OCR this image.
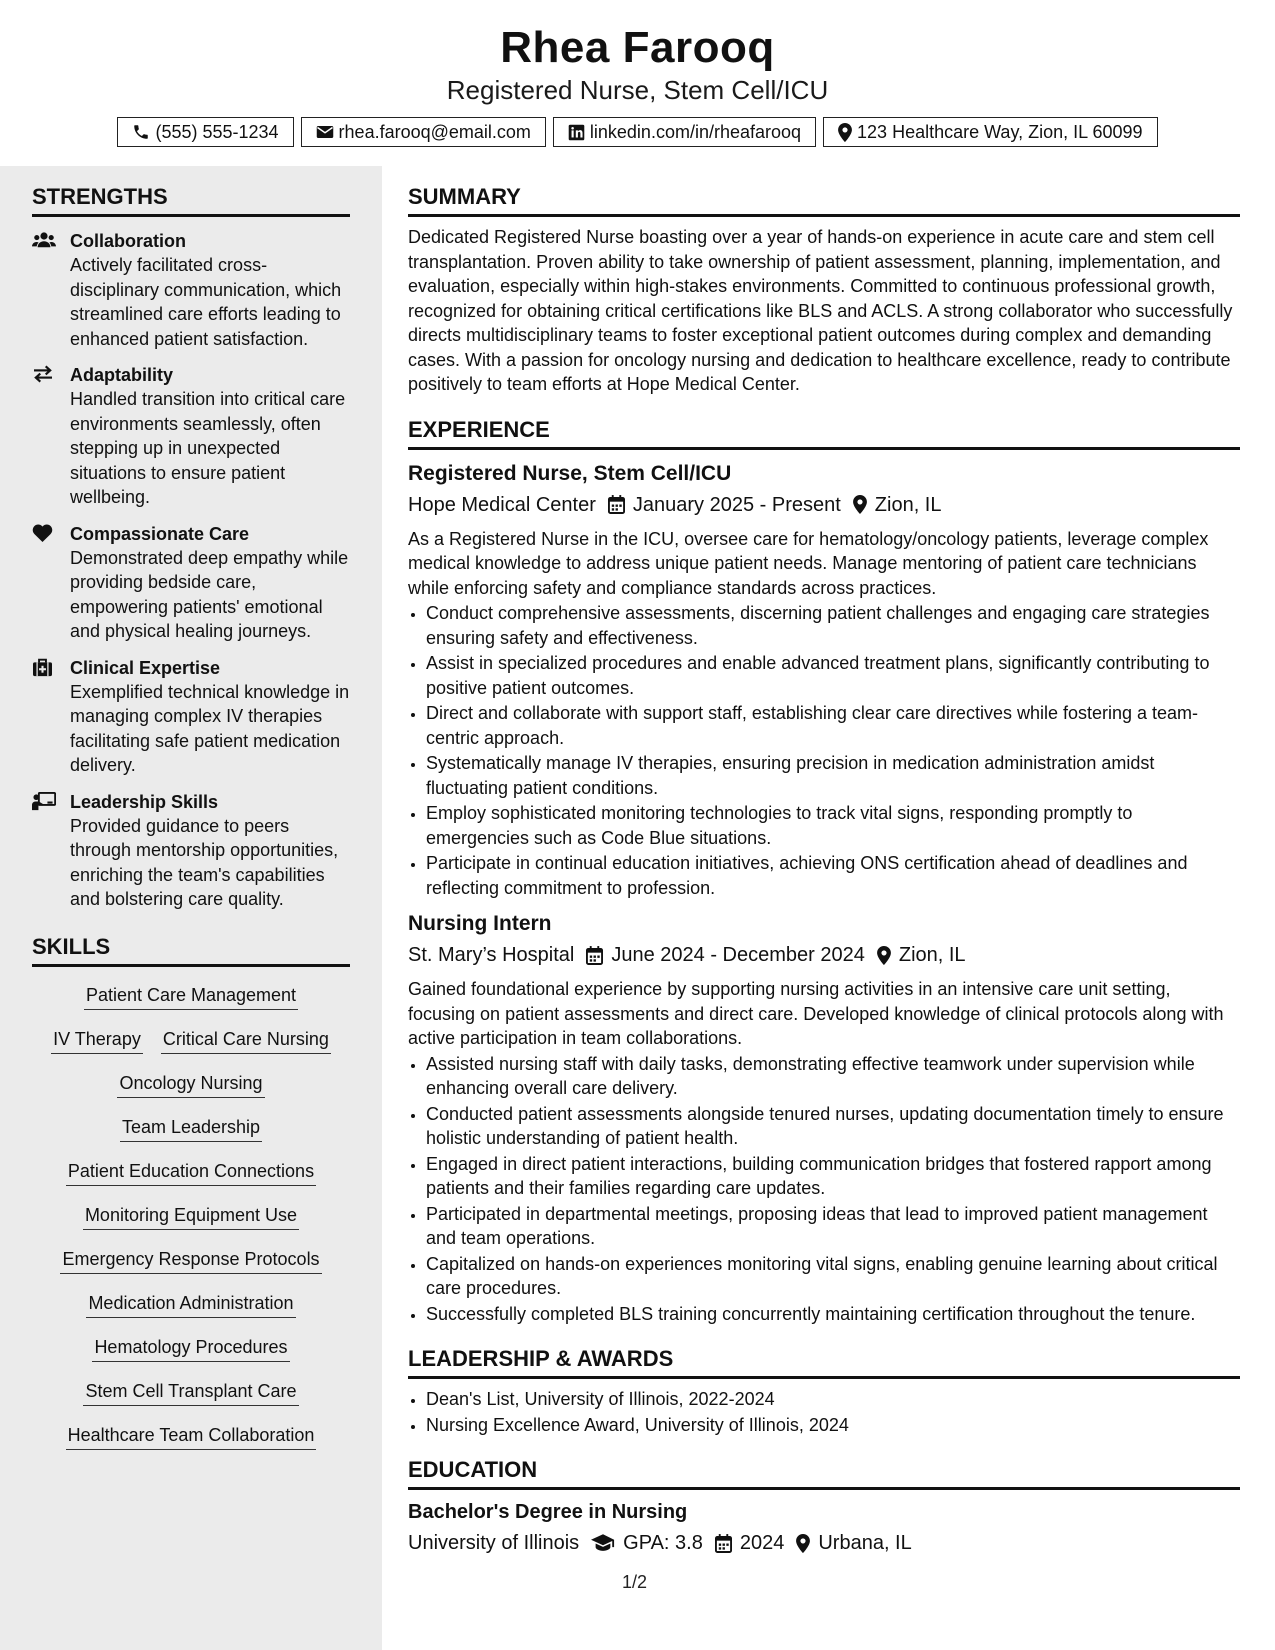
Rhea Farooq
Registered Nurse, Stem Cell/ICU
(555) 555-1234	rhea.farooq@email.com	linkedin.com/in/rheafarooq	123 Healthcare Way, Zion, IL 60099
STRENGTHS
Collaboration
Actively facilitated cross-disciplinary communication, which streamlined care efforts leading to enhanced patient satisfaction.
Adaptability
Handled transition into critical care environments seamlessly, often stepping up in unexpected situations to ensure patient wellbeing.
Compassionate Care
Demonstrated deep empathy while providing bedside care, empowering patients' emotional and physical healing journeys.
Clinical Expertise
Exemplified technical knowledge in managing complex IV therapies facilitating safe patient medication delivery.
Leadership Skills
Provided guidance to peers through mentorship opportunities, enriching the team's capabilities and bolstering care quality.
SKILLS
Patient Care Management
IV Therapy Critical Care Nursing
Oncology Nursing
Team Leadership
Patient Education Connections
Monitoring Equipment Use
Emergency Response Protocols
Medication Administration
Hematology Procedures
Stem Cell Transplant Care
Healthcare Team Collaboration
SUMMARY

Dedicated Registered Nurse boasting over a year of hands-on experience in acute care and stem cell transplantation. Proven ability to take ownership of patient assessment, planning, implementation, and evaluation, especially within high-stakes environments. Committed to continuous professional growth, recognized for obtaining critical certifications like BLS and ACLS. A strong collaborator who successfully directs multidisciplinary teams to foster exceptional patient outcomes during complex and demanding cases. With a passion for oncology nursing and dedication to healthcare excellence, ready to contribute positively to team efforts at Hope Medical Center.

EXPERIENCE
Registered Nurse, Stem Cell/ICU
Hope Medical Center January 2025 - Present Zion, IL

As a Registered Nurse in the ICU, oversee care for hematology/oncology patients, leverage complex medical knowledge to address unique patient needs. Manage mentoring of patient care technicians while enforcing safety and compliance standards across practices.

• Conduct comprehensive assessments, discerning patient challenges and engaging care strategies ensuring safety and effectiveness.
• Assist in specialized procedures and enable advanced treatment plans, significantly contributing to positive patient outcomes.
• Direct and collaborate with support staff, establishing clear care directives while fostering a team-centric approach.
• Systematically manage IV therapies, ensuring precision in medication administration amidst fluctuating patient conditions.
• Employ sophisticated monitoring technologies to track vital signs, responding promptly to emergencies such as Code Blue situations.
• Participate in continual education initiatives, achieving ONS certification ahead of deadlines and reflecting commitment to profession.
Nursing Intern
St. Mary’s Hospital June 2024 - December 2024 Zion, IL

Gained foundational experience by supporting nursing activities in an intensive care unit setting, focusing on patient assessments and direct care. Developed knowledge of clinical protocols along with active participation in team collaborations.

• Assisted nursing staff with daily tasks, demonstrating effective teamwork under supervision while enhancing overall care delivery.
• Conducted patient assessments alongside tenured nurses, updating documentation timely to ensure holistic understanding of patient health.
• Engaged in direct patient interactions, building communication bridges that fostered rapport among patients and their families regarding care updates.
• Participated in departmental meetings, proposing ideas that lead to improved patient management and team operations.
• Capitalized on hands-on experiences monitoring vital signs, enabling genuine learning about critical care procedures.
• Successfully completed BLS training concurrently maintaining certification throughout the tenure.
LEADERSHIP & AWARDS
• Dean's List, University of Illinois, 2022-2024
• Nursing Excellence Award, University of Illinois, 2024
EDUCATION
Bachelor's Degree in Nursing
University of Illinois GPA: 3.8 2024 Urbana, IL
1/2
